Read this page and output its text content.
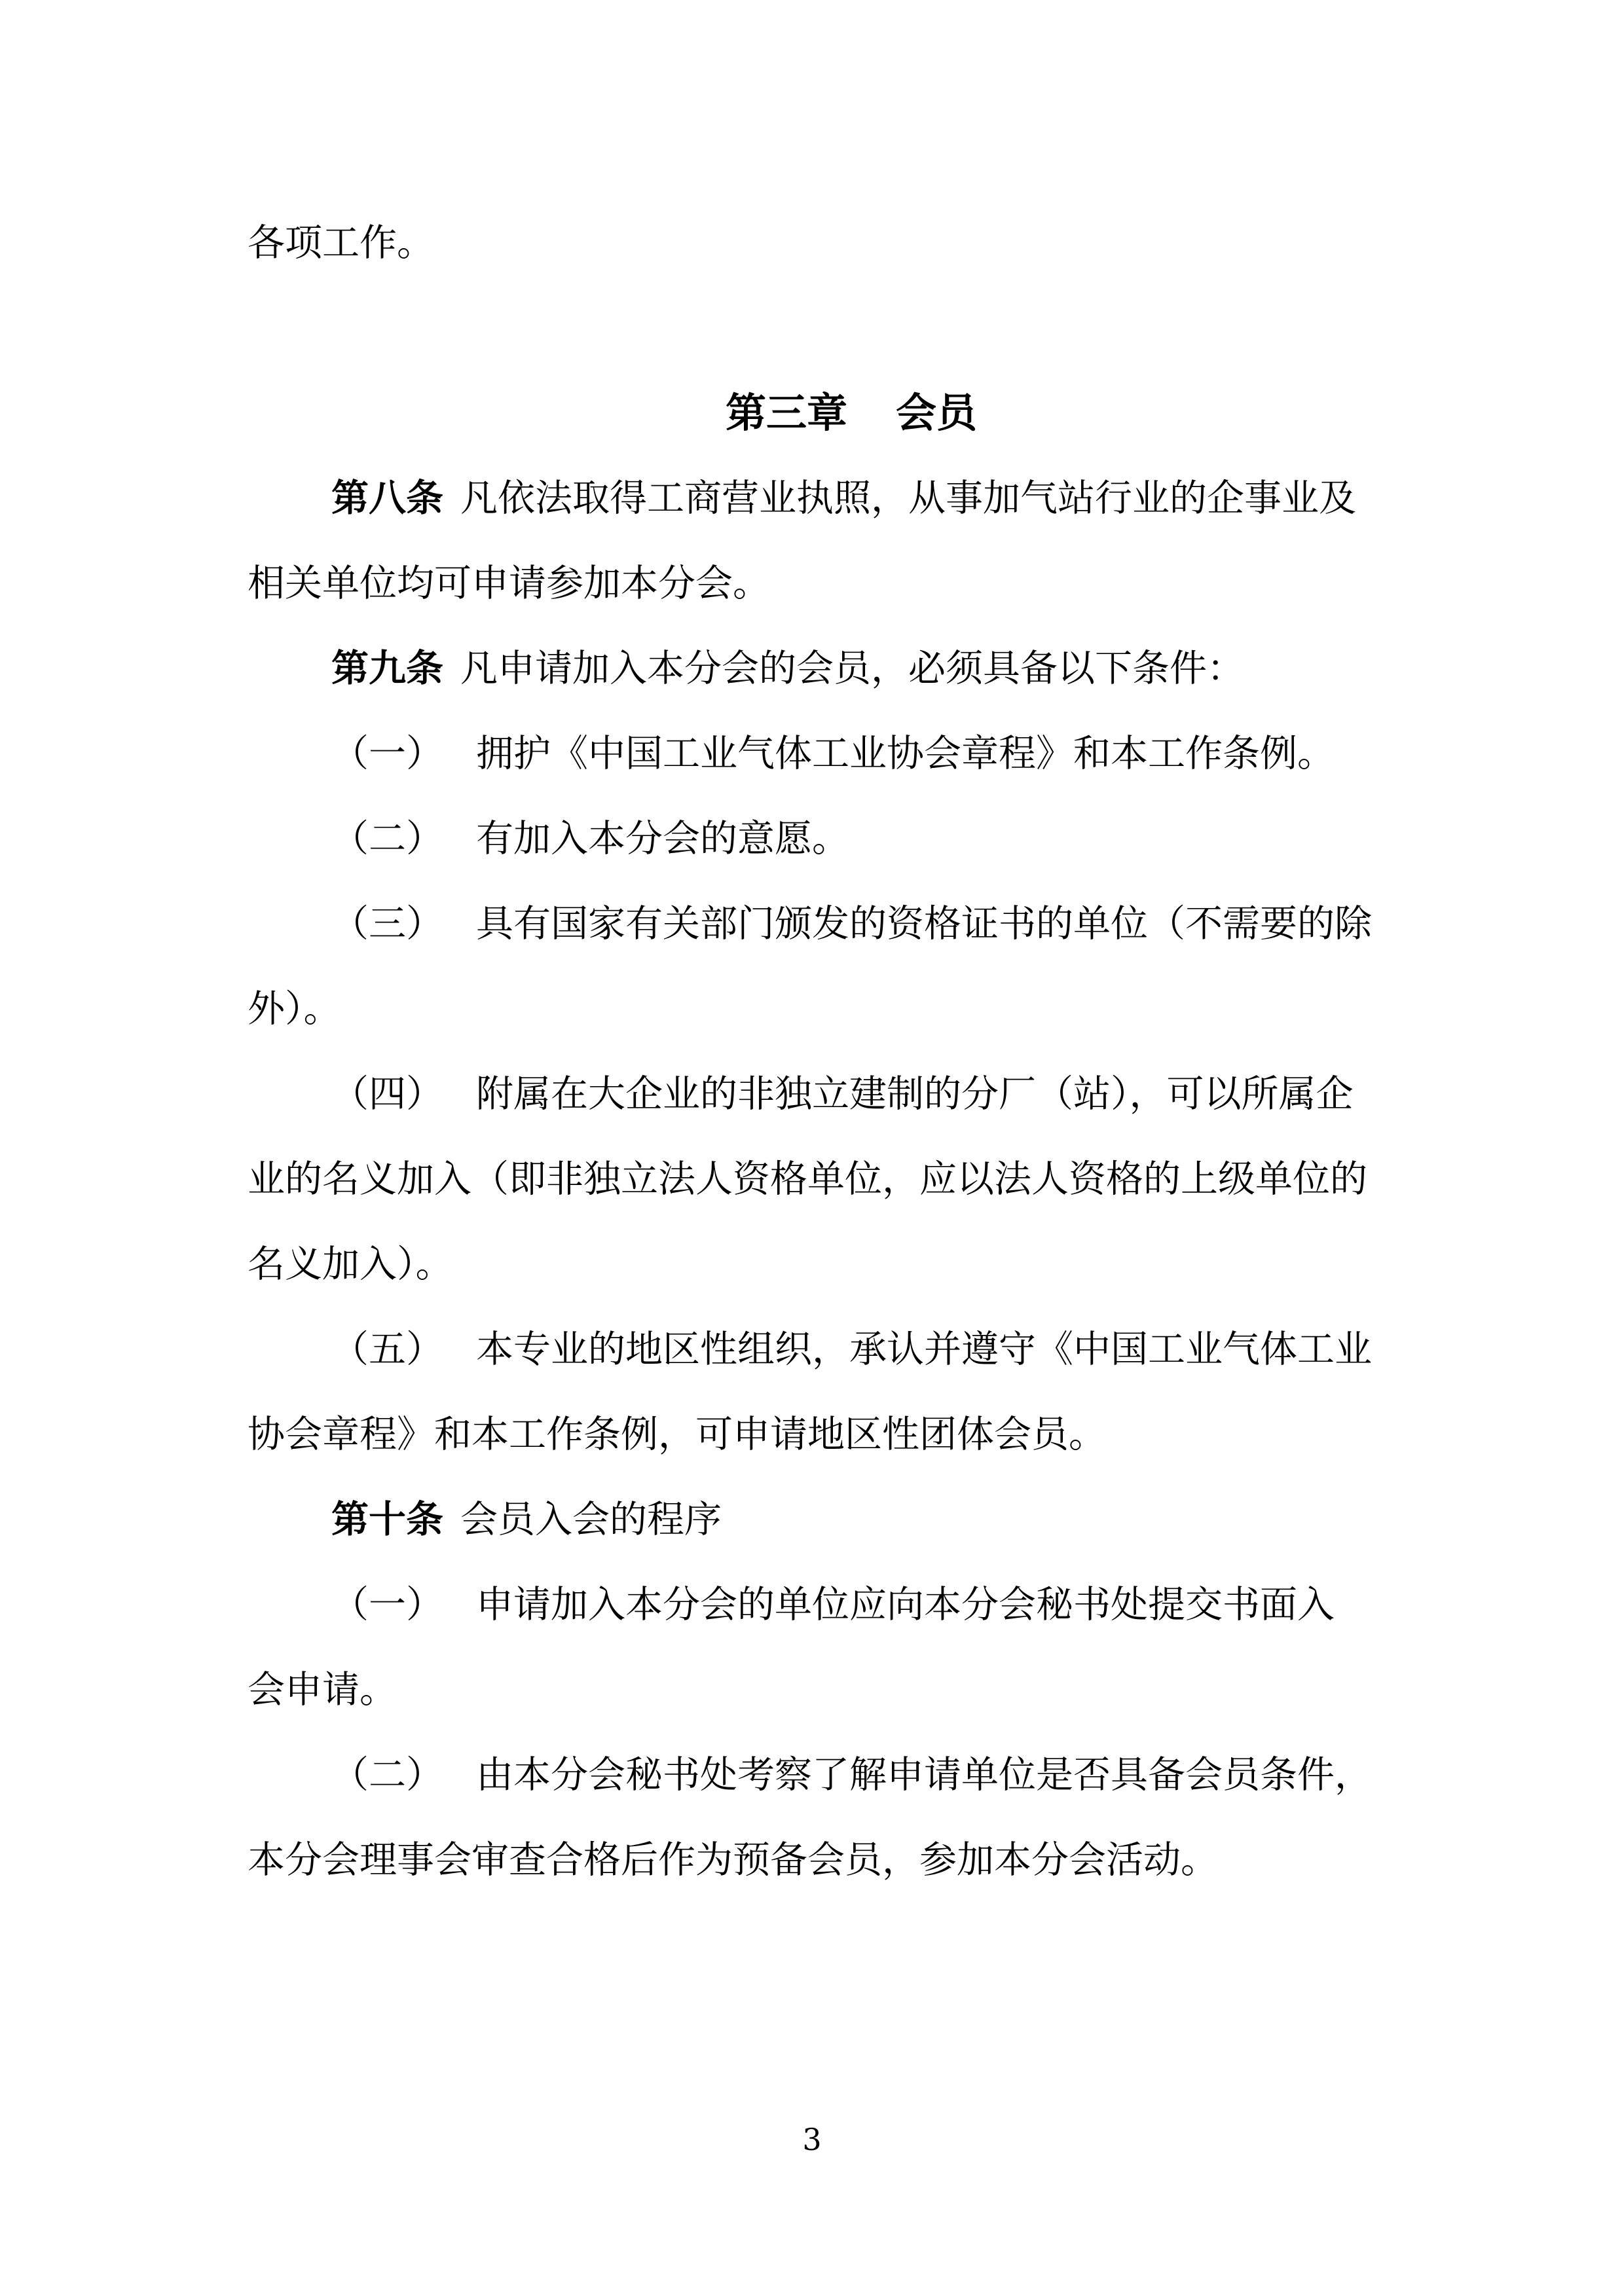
各项工作。
第三章 会员
第八条 凡依法取得工商营业执照，从事加气站行业的企事业及
相关单位均可申请参加本分会。
第九条 凡申请加入本分会的会员，必须具备以下条件：
（一） 拥护《中国工业气体工业协会章程》和本工作条例。
（二） 有加入本分会的意愿。
（三） 具有国家有关部门颁发的资格证书的单位（不需要的除
外）。
（四） 附属在大企业的非独立建制的分厂（站），可以所属企
业的名义加入（即非独立法人资格单位，应以法人资格的上级单位的
名义加入）。
（五） 本专业的地区性组织，承认并遵守《中国工业气体工业
协会章程》和本工作条例，可申请地区性团体会员。
第十条 会员入会的程序
（一） 申请加入本分会的单位应向本分会秘书处提交书面入
会申请。
（二） 由本分会秘书处考察了解申请单位是否具备会员条件，
本分会理事会审查合格后作为预备会员，参加本分会活动。
3
